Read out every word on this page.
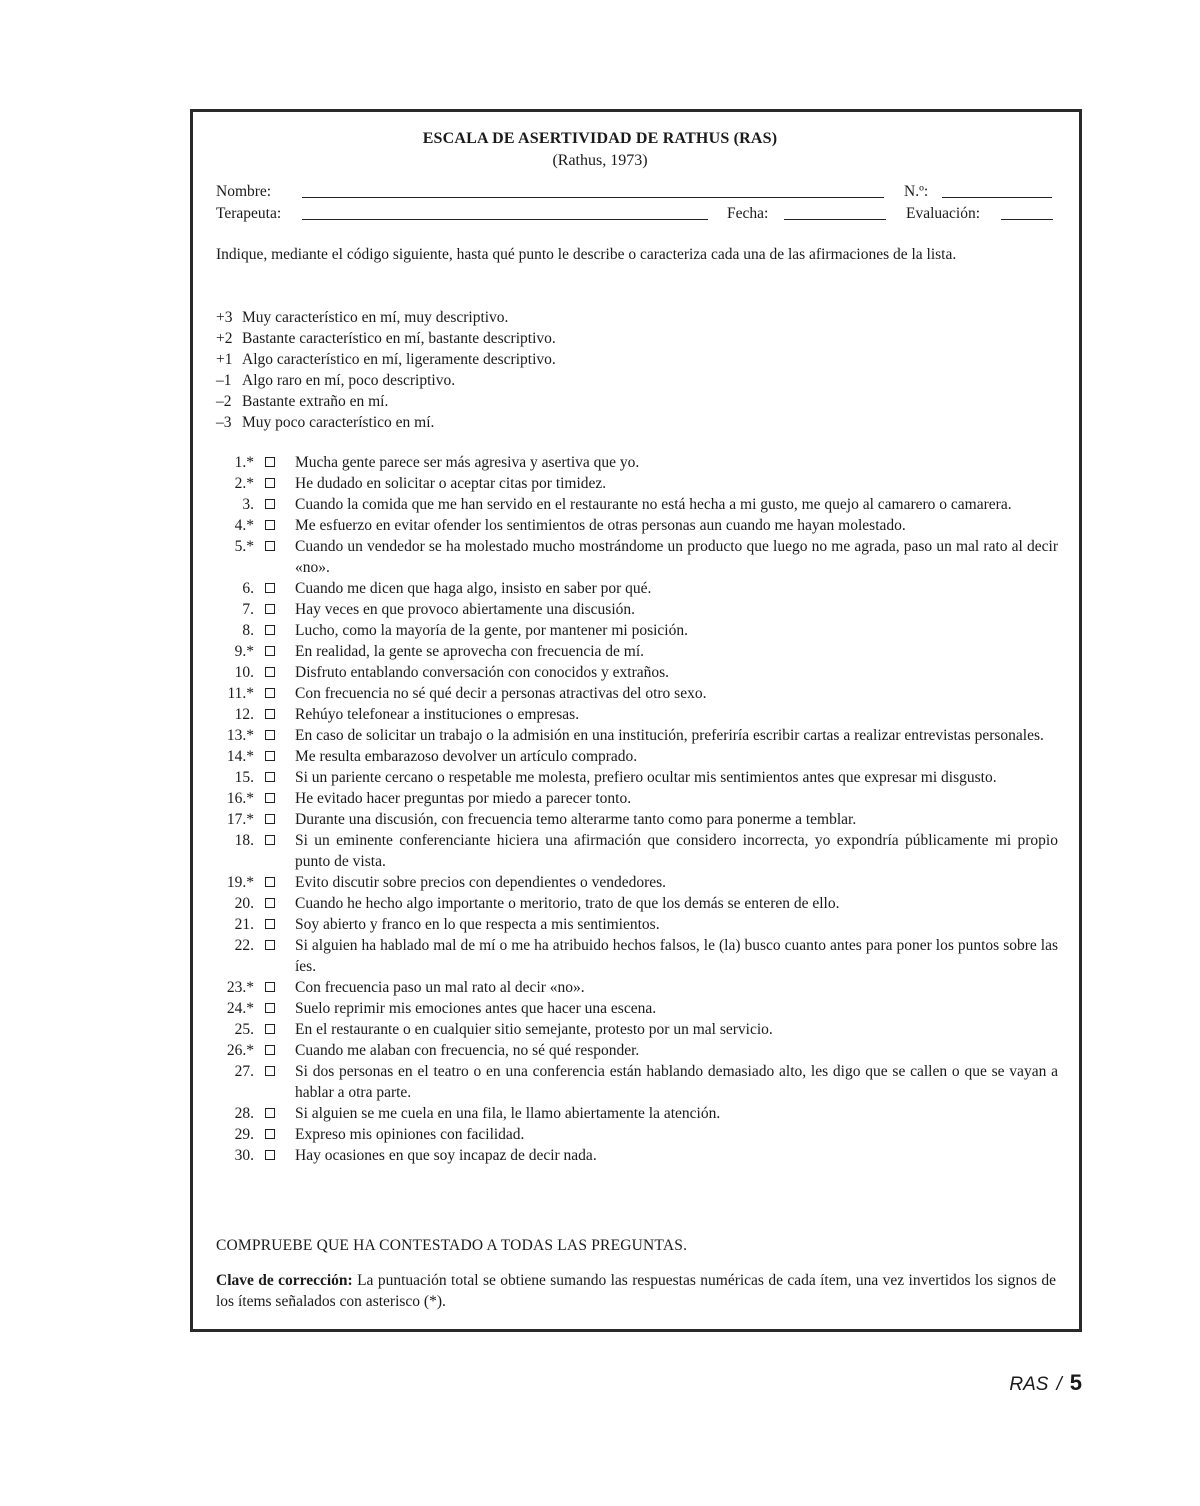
ESCALA DE ASERTIVIDAD DE RATHUS (RAS)
(Rathus, 1973)
Nombre:	N.º:
Terapeuta:	Fecha:	Evaluación:
Indique, mediante el código siguiente, hasta qué punto le describe o caracteriza cada una de las afirmaciones de la lista.
+3 Muy característico en mí, muy descriptivo.
+2 Bastante característico en mí, bastante descriptivo.
+1 Algo característico en mí, ligeramente descriptivo.
–1 Algo raro en mí, poco descriptivo.
–2 Bastante extraño en mí.
–3 Muy poco característico en mí.
1.*	Mucha gente parece ser más agresiva y asertiva que yo.
2.*	He dudado en solicitar o aceptar citas por timidez.
3.	Cuando la comida que me han servido en el restaurante no está hecha a mi gusto, me quejo al camarero o camarera.
4.*	Me esfuerzo en evitar ofender los sentimientos de otras personas aun cuando me hayan molestado.
5.*	Cuando un vendedor se ha molestado mucho mostrándome un producto que luego no me agrada, paso un mal rato al decir «no».
6.	Cuando me dicen que haga algo, insisto en saber por qué.
7.	Hay veces en que provoco abiertamente una discusión.
8.	Lucho, como la mayoría de la gente, por mantener mi posición.
9.*	En realidad, la gente se aprovecha con frecuencia de mí.
10.	Disfruto entablando conversación con conocidos y extraños.
11.*	Con frecuencia no sé qué decir a personas atractivas del otro sexo.
12.	Rehúyo telefonear a instituciones o empresas.
13.*	En caso de solicitar un trabajo o la admisión en una institución, preferiría escribir cartas a realizar entrevistas personales.
14.*	Me resulta embarazoso devolver un artículo comprado.
15.	Si un pariente cercano o respetable me molesta, prefiero ocultar mis sentimientos antes que expresar mi disgusto.
16.*	He evitado hacer preguntas por miedo a parecer tonto.
17.*	Durante una discusión, con frecuencia temo alterarme tanto como para ponerme a temblar.
18.	Si un eminente conferenciante hiciera una afirmación que considero incorrecta, yo expondría públicamente mi propio punto de vista.
19.*	Evito discutir sobre precios con dependientes o vendedores.
20.	Cuando he hecho algo importante o meritorio, trato de que los demás se enteren de ello.
21.	Soy abierto y franco en lo que respecta a mis sentimientos.
22.	Si alguien ha hablado mal de mí o me ha atribuido hechos falsos, le (la) busco cuanto antes para poner los puntos sobre las íes.
23.*	Con frecuencia paso un mal rato al decir «no».
24.*	Suelo reprimir mis emociones antes que hacer una escena.
25.	En el restaurante o en cualquier sitio semejante, protesto por un mal servicio.
26.*	Cuando me alaban con frecuencia, no sé qué responder.
27.	Si dos personas en el teatro o en una conferencia están hablando demasiado alto, les digo que se callen o que se vayan a hablar a otra parte.
28.	Si alguien se me cuela en una fila, le llamo abiertamente la atención.
29.	Expreso mis opiniones con facilidad.
30.	Hay ocasiones en que soy incapaz de decir nada.
COMPRUEBE QUE HA CONTESTADO A TODAS LAS PREGUNTAS.
Clave de corrección: La puntuación total se obtiene sumando las respuestas numéricas de cada ítem, una vez invertidos los signos de los ítems señalados con asterisco (*).
RAS / 5
